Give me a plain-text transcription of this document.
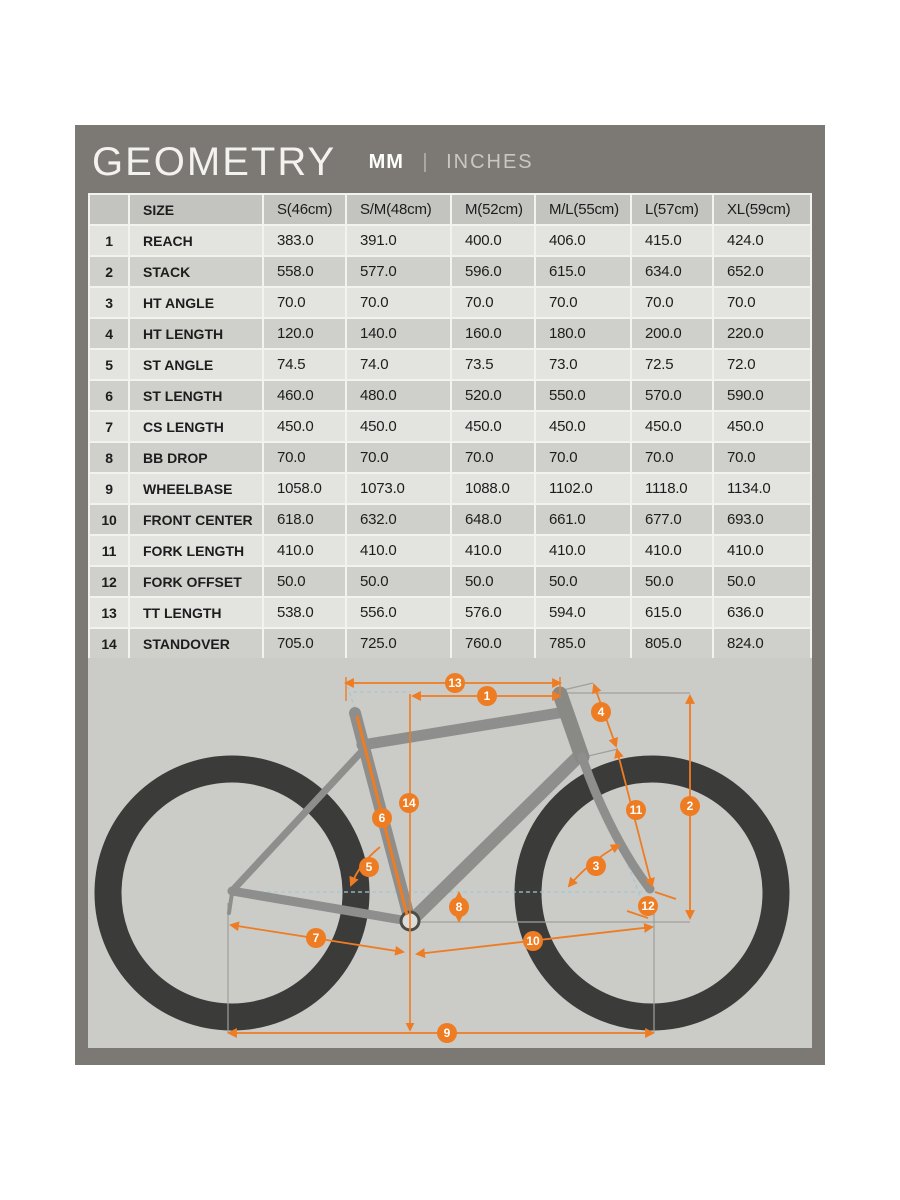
GEOMETRY MM | INCHES
	SIZE	S(46cm)	S/M(48cm)	M(52cm)	M/L(55cm)	L(57cm)	XL(59cm)
1	REACH	383.0	391.0	400.0	406.0	415.0	424.0
2	STACK	558.0	577.0	596.0	615.0	634.0	652.0
3	HT ANGLE	70.0	70.0	70.0	70.0	70.0	70.0
4	HT LENGTH	120.0	140.0	160.0	180.0	200.0	220.0
5	ST ANGLE	74.5	74.0	73.5	73.0	72.5	72.0
6	ST LENGTH	460.0	480.0	520.0	550.0	570.0	590.0
7	CS LENGTH	450.0	450.0	450.0	450.0	450.0	450.0
8	BB DROP	70.0	70.0	70.0	70.0	70.0	70.0
9	WHEELBASE	1058.0	1073.0	1088.0	1102.0	1118.0	1134.0
10	FRONT CENTER	618.0	632.0	648.0	661.0	677.0	693.0
11	FORK LENGTH	410.0	410.0	410.0	410.0	410.0	410.0
12	FORK OFFSET	50.0	50.0	50.0	50.0	50.0	50.0
13	TT LENGTH	538.0	556.0	576.0	594.0	615.0	636.0
14	STANDOVER	705.0	725.0	760.0	785.0	805.0	824.0
1
2
3
4
5
6
7
8
9
10
11
12
13
14
